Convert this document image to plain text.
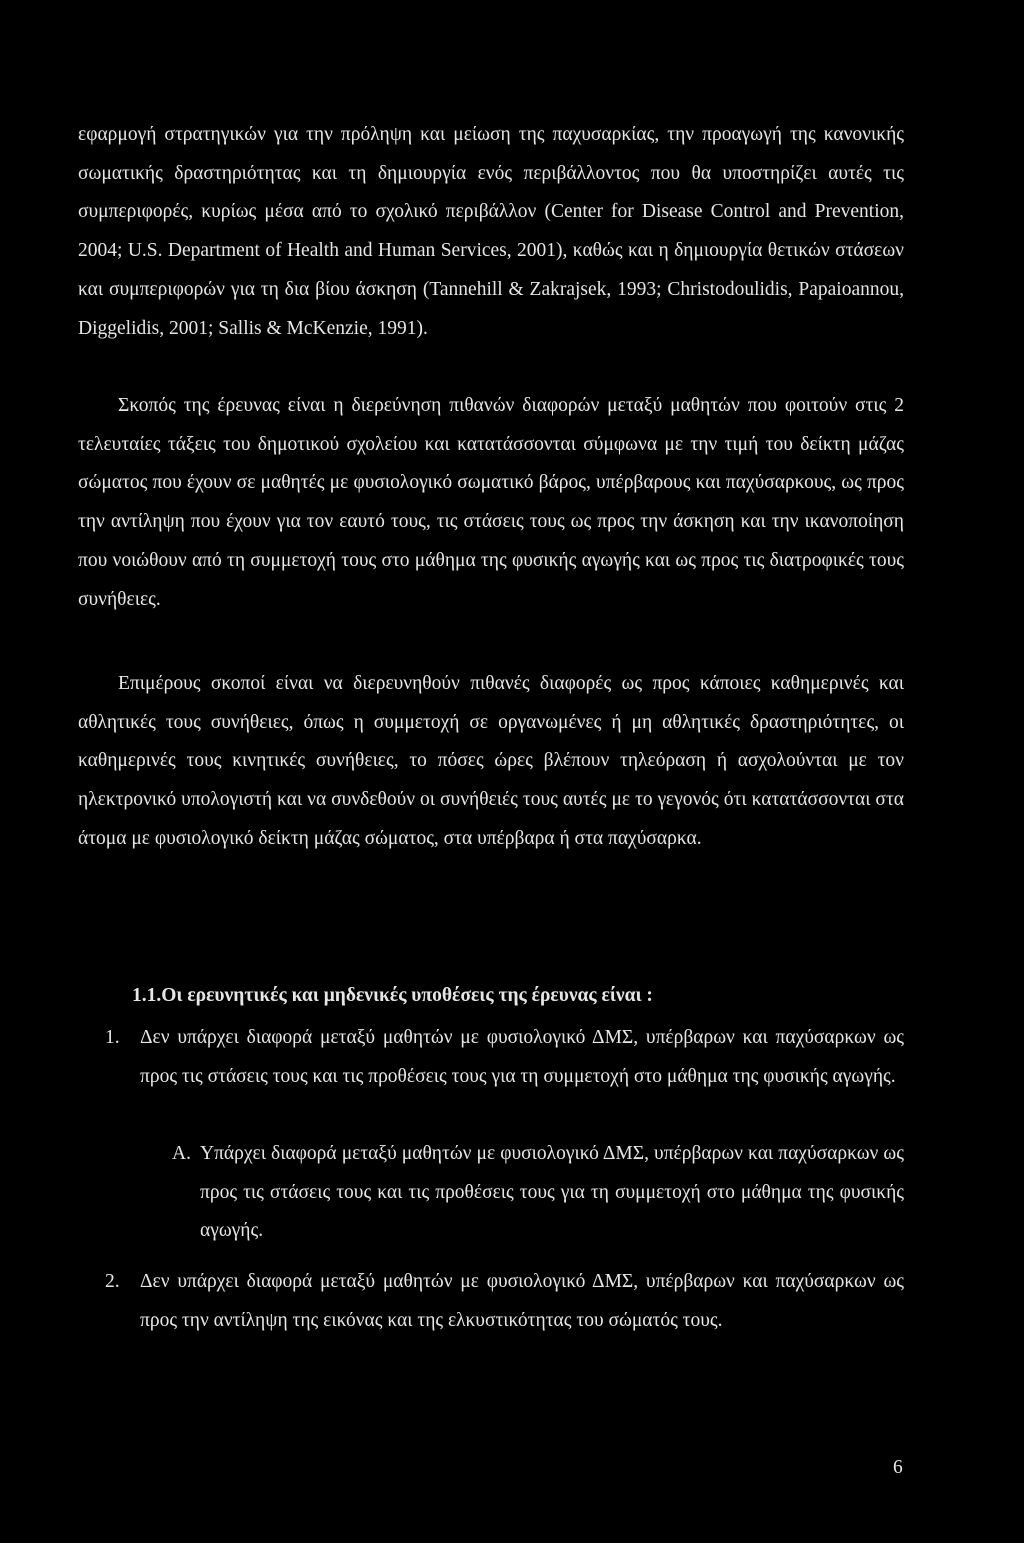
εφαρμογή στρατηγικών για την πρόληψη και μείωση της παχυσαρκίας, την προαγωγή της κανονικής σωματικής δραστηριότητας και τη δημιουργία ενός περιβάλλοντος που θα υποστηρίζει αυτές τις συμπεριφορές, κυρίως μέσα από το σχολικό περιβάλλον (Center for Disease Control and Prevention, 2004; U.S. Department of Health and Human Services, 2001), καθώς και η δημιουργία θετικών στάσεων και συμπεριφορών για τη δια βίου άσκηση (Tannehill & Zakrajsek, 1993; Christodoulidis, Papaioannou, Diggelidis, 2001; Sallis & McKenzie, 1991).

Σκοπός της έρευνας είναι η διερεύνηση πιθανών διαφορών μεταξύ μαθητών που φοιτούν στις 2 τελευταίες τάξεις του δημοτικού σχολείου και κατατάσσονται σύμφωνα με την τιμή του δείκτη μάζας σώματος που έχουν σε μαθητές με φυσιολογικό σωματικό βάρος, υπέρβαρους και παχύσαρκους, ως προς την αντίληψη που έχουν για τον εαυτό τους, τις στάσεις τους ως προς την άσκηση και την ικανοποίηση που νοιώθουν από τη συμμετοχή τους στο μάθημα της φυσικής αγωγής και ως προς τις διατροφικές τους συνήθειες.

Επιμέρους σκοποί είναι να διερευνηθούν πιθανές διαφορές ως προς κάποιες καθημερινές και αθλητικές τους συνήθειες, όπως η συμμετοχή σε οργανωμένες ή μη αθλητικές δραστηριότητες, οι καθημερινές τους κινητικές συνήθειες, το πόσες ώρες βλέπουν τηλεόραση ή ασχολούνται με τον ηλεκτρονικό υπολογιστή και να συνδεθούν οι συνήθειές τους αυτές με το γεγονός ότι κατατάσσονται στα άτομα με φυσιολογικό δείκτη μάζας σώματος, στα υπέρβαρα ή στα παχύσαρκα.

1.1.Οι ερευνητικές και μηδενικές υποθέσεις της έρευνας είναι :
1. Δεν υπάρχει διαφορά μεταξύ μαθητών με φυσιολογικό ΔΜΣ, υπέρβαρων και παχύσαρκων ως προς τις στάσεις τους και τις προθέσεις τους για τη συμμετοχή στο μάθημα της φυσικής αγωγής.
Α. Υπάρχει διαφορά μεταξύ μαθητών με φυσιολογικό ΔΜΣ, υπέρβαρων και παχύσαρκων ως προς τις στάσεις τους και τις προθέσεις τους για τη συμμετοχή στο μάθημα της φυσικής αγωγής.
2. Δεν υπάρχει διαφορά μεταξύ μαθητών με φυσιολογικό ΔΜΣ, υπέρβαρων και παχύσαρκων ως προς την αντίληψη της εικόνας και της ελκυστικότητας του σώματός τους.
6
